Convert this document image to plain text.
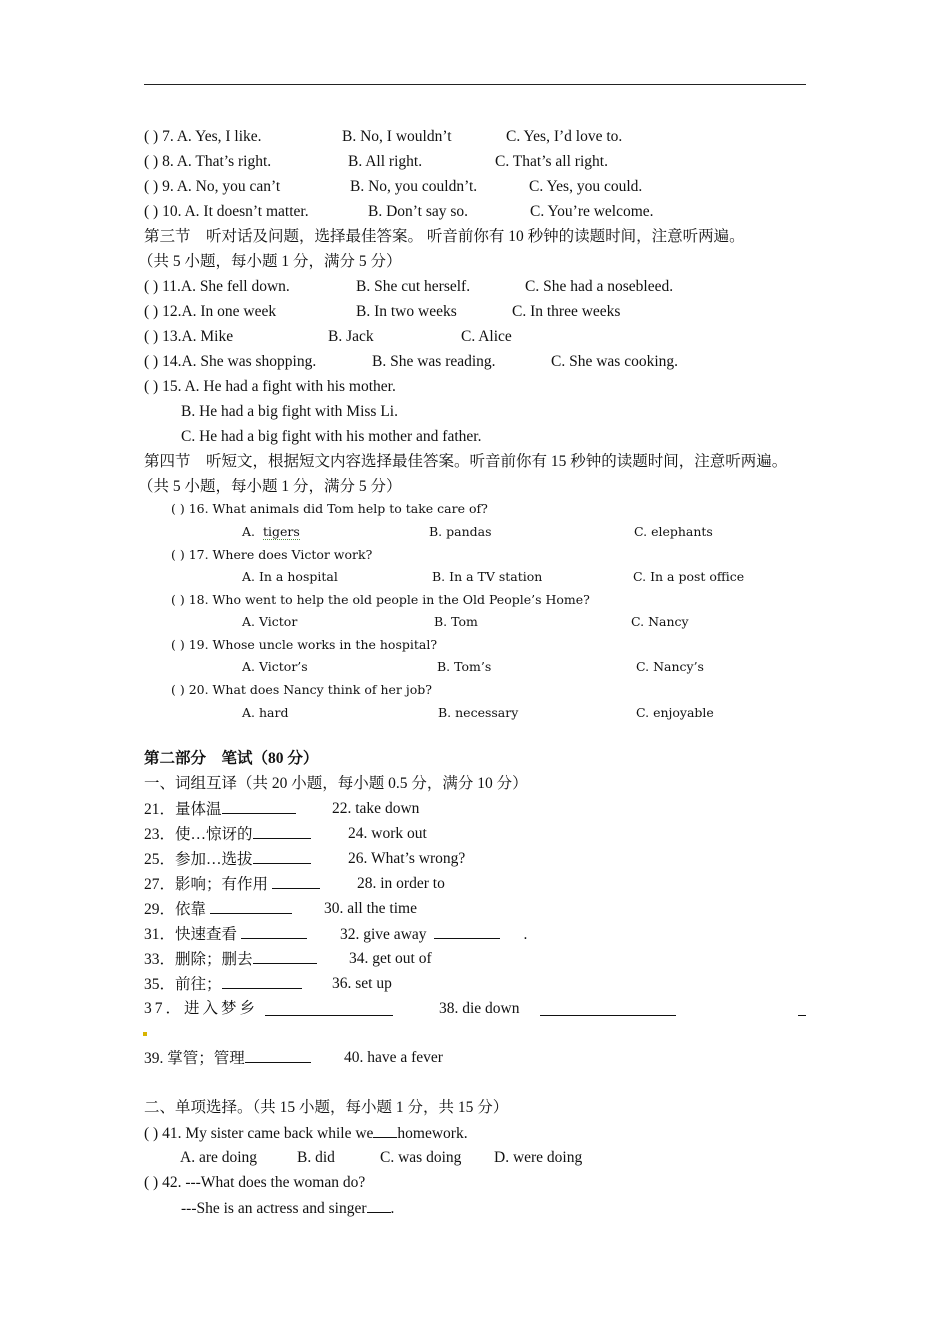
( ) 7. A. Yes, I like.	B. No, I wouldn’t	C. Yes, I’d love to.
( ) 8. A. That’s right.	B. All right.	C. That’s all right.
( ) 9. A. No, you can’t	B. No, you couldn’t.	C. Yes, you could.
( ) 10. A. It doesn’t matter.	B. Don’t say so.	C. You’re welcome.
第三节　听对话及问题，选择最佳答案。 听音前你有 10 秒钟的读题时间，注意听两遍。
（共 5 小题，每小题 1 分，满分 5 分）
( ) 11.A. She fell down.	B. She cut herself.	C. She had a nosebleed.
( ) 12.A. In one week	B. In two weeks	C. In three weeks
( ) 13.A. Mike	B. Jack	C. Alice
( ) 14.A. She was shopping.	B. She was reading.	C. She was cooking.
( ) 15. A. He had a fight with his mother.
B. He had a big fight with Miss Li.
C. He had a big fight with his mother and father.
第四节　听短文，根据短文内容选择最佳答案。听音前你有 15 秒钟的读题时间，注意听两遍。
（共 5 小题，每小题 1 分，满分 5 分）
( ) 16. What animals did Tom help to take care of?
A. tigers	B. pandas	C. elephants
( ) 17. Where does Victor work?
A. In a hospital	B. In a TV station	C. In a post office
( ) 18. Who went to help the old people in the Old People’s Home?
A. Victor	B. Tom	C. Nancy
( ) 19. Whose uncle works in the hospital?
A. Victor’s	B. Tom’s	C. Nancy’s
( ) 20. What does Nancy think of her job?
A. hard	B. necessary	C. enjoyable
第二部分　笔试（80 分）
一、词组互译（共 20 小题，每小题 0.5 分，满分 10 分）
21．量体温	22. take down
23．使…惊讶的	24. work out
25．参加…选拔	26. What’s wrong?
27．影响；有作用	28. in order to
29．依靠	30. all the time
31．快速查看	32. give away	.
33．删除；删去	34. get out of
35．前往；	36. set up
37．进入梦乡	38. die down
39. 掌管；管理	40. have a fever
二、单项选择。（共 15 小题，每小题 1 分，共 15 分）
( ) 41. My sister came back while we homework.
A. are doing	B. did	C. was doing D. were doing
( ) 42. ---What does the woman do?
---She is an actress and singer .
